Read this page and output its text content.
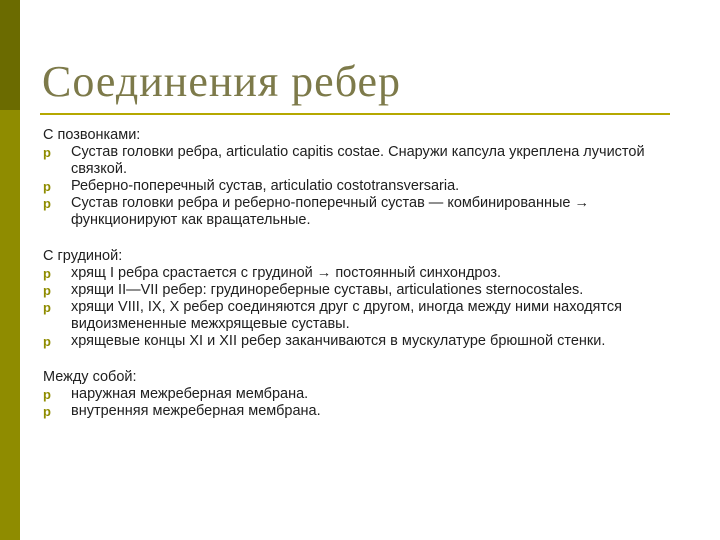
Соединения ребер

С позвонками:

p Сустав головки ребра, articulatio capitis costae. Снаружи капсула укреплена лучистой связкой.
p Реберно-поперечный сустав, articulatio costotransversaria.
p Сустав головки ребра и реберно-поперечный сустав — комбинированные → функционируют как вращательные.

С грудиной:

p хрящ I ребра срастается с грудиной → постоянный синхондроз.
p хрящи II—VII ребер: грудинореберные суставы, articulationes sternocostales.
p хрящи VIII, IX, X ребер соединяются друг с другом, иногда между ними находятся видоизмененные межхрящевые суставы.
p хрящевые концы XI и XII ребер заканчиваются в мускулатуре брюшной стенки.

Между собой:

p наружная межреберная мембрана.
p внутренняя межреберная мембрана.
